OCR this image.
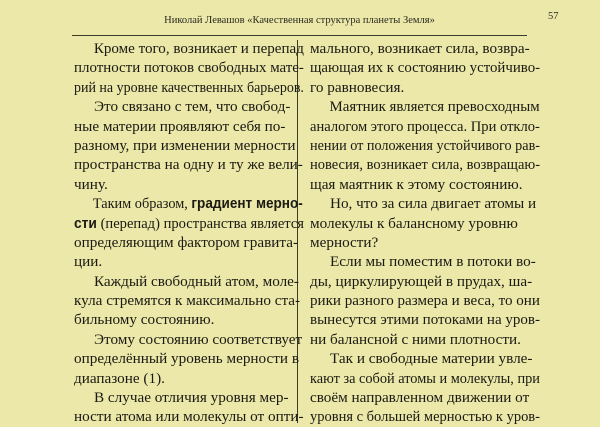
Николай Левашов «Качественная структура планеты Земля»	57
Кроме того, возникает и перепад
плотности потоков свободных матe-
рий на уровне качественных барьеров.
Это связано с тем, что свобод-
ные материи проявляют себя по-
разному, при изменении мерности
пространства на одну и ту же вели-
чину.
Таким образом, градиент мерно-
сти (перепад) пространства является
определяющим фактором гравита-
ции.
Каждый свободный атом, моле-
кула стремятся к максимально ста-
бильному состоянию.
Этому состоянию соответствует
определённый уровень мерности в
диапазоне (1).
В случае отличия уровня мер-
ности атома или молекулы от опти-
мального, возникает сила, возвра-
щающая их к состоянию устойчиво-
го равновесия.
Маятник является превосходным
аналогом этого процесса. При откло-
нении от положения устойчивого рав-
новесия, возникает сила, возвращаю-
щая маятник к этому состоянию.
Но, что за сила двигает атомы и
молекулы к балансному уровню
мерности?
Если мы поместим в потоки во-
ды, циркулирующей в прудах, ша-
рики разного размера и веса, то они
вынесутся этими потоками на уров-
ни балансной с ними плотности.
Так и свободные материи увле-
кают за собой атомы и молекулы, при
своём направленном движении от
уровня с большей мерностью к уров-
